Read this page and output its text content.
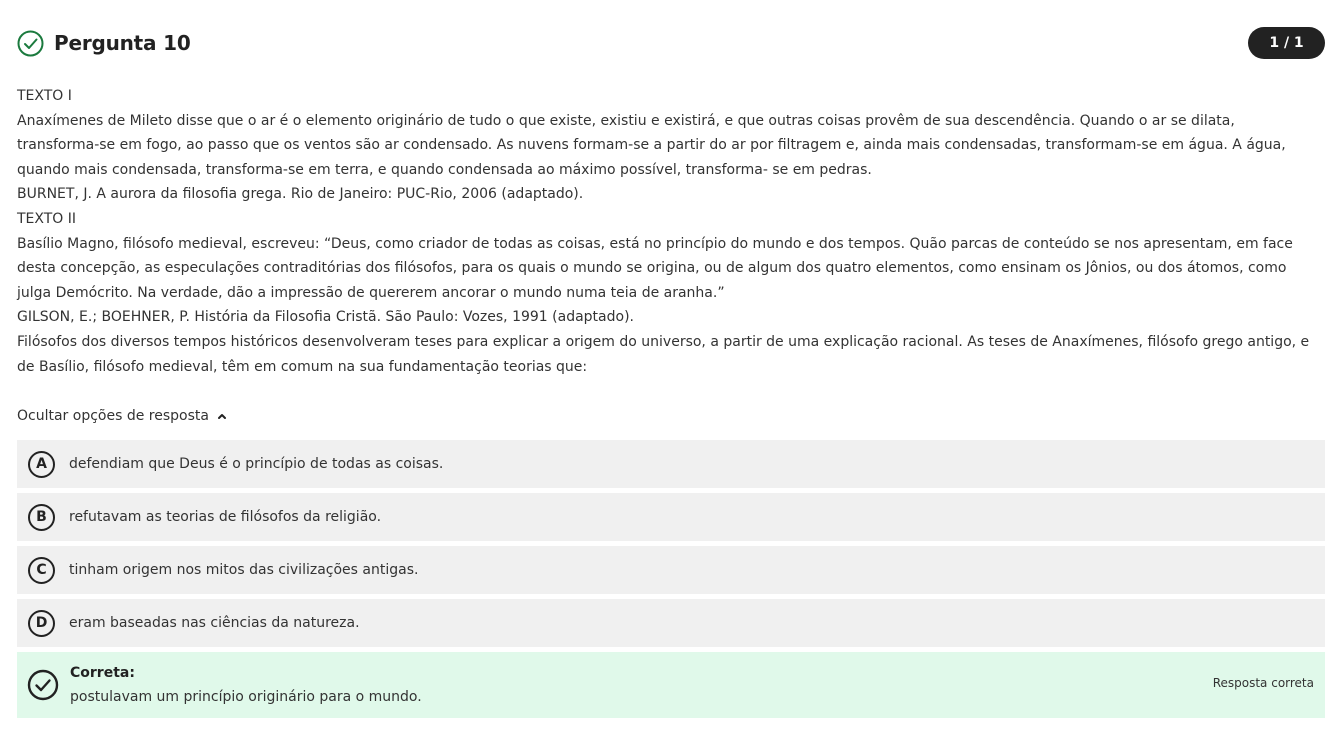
Pergunta 10	1 / 1

TEXTO I

Anaxímenes de Mileto disse que o ar é o elemento originário de tudo o que existe, existiu e existirá, e que outras coisas provêm de sua descendência. Quando o ar se dilata, transforma-se em fogo, ao passo que os ventos são ar condensado. As nuvens formam-se a partir do ar por filtragem e, ainda mais condensadas, transformam-se em água. A água, quando mais condensada, transforma-se em terra, e quando condensada ao máximo possível, transforma- se em pedras.

BURNET, J. A aurora da filosofia grega. Rio de Janeiro: PUC-Rio, 2006 (adaptado).

TEXTO II

Basílio Magno, filósofo medieval, escreveu: “Deus, como criador de todas as coisas, está no princípio do mundo e dos tempos. Quão parcas de conteúdo se nos apresentam, em face desta concepção, as especulações contraditórias dos filósofos, para os quais o mundo se origina, ou de algum dos quatro elementos, como ensinam os Jônios, ou dos átomos, como julga Demócrito. Na verdade, dão a impressão de quererem ancorar o mundo numa teia de aranha.”

GILSON, E.; BOEHNER, P. História da Filosofia Cristã. São Paulo: Vozes, 1991 (adaptado).

Filósofos dos diversos tempos históricos desenvolveram teses para explicar a origem do universo, a partir de uma explicação racional. As teses de Anaxímenes, filósofo grego antigo, e de Basílio, filósofo medieval, têm em comum na sua fundamentação teorias que:

Ocultar opções de resposta
A	defendiam que Deus é o princípio de todas as coisas.
B	refutavam as teorias de filósofos da religião.
C	tinham origem nos mitos das civilizações antigas.
D	eram baseadas nas ciências da natureza.
Correta:
postulavam um princípio originário para o mundo.
Resposta correta
